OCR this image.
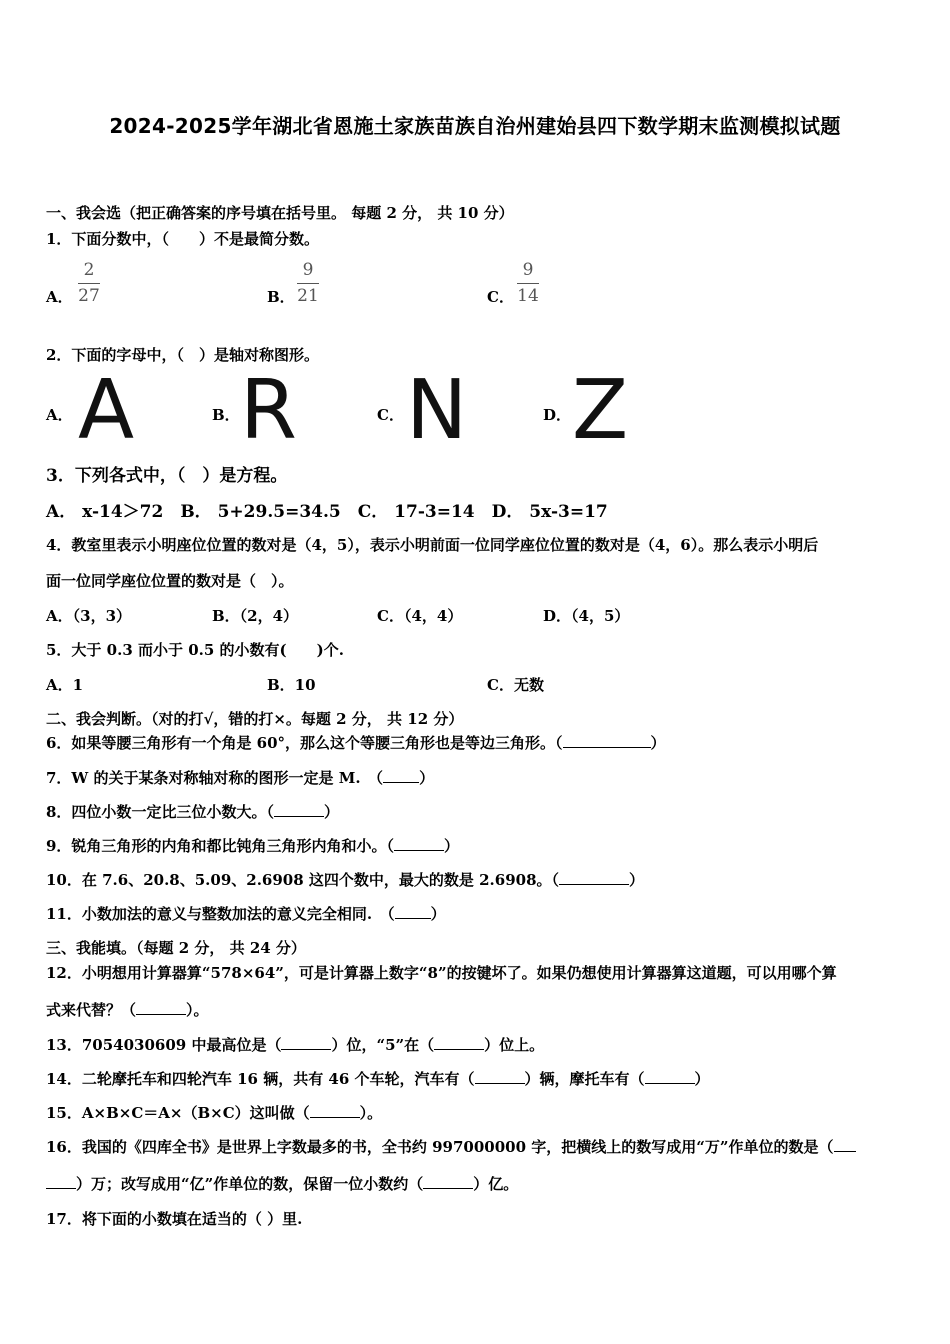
2024-2025学年湖北省恩施土家族苗族自治州建始县四下数学期末监测模拟试题
一、我会选（把正确答案的序号填在括号里。 每题 2 分， 共 10 分）
1．下面分数中，（　　）不是最简分数。
A．
2
27	B．
9
21	C．
9
14
2．下面的字母中，（　）是轴对称图形。
A． A	B． R	C． N	D． Z
3．下列各式中，（　）是方程。
A． x-14＞72　B． 5+29.5=34.5　C． 17-3=14　D． 5x-3=17
4．教室里表示小明座位位置的数对是（4，5），表示小明前面一位同学座位位置的数对是（4，6）。那么表示小明后
面一位同学座位位置的数对是（　）。
A．（3，3）	B．（2，4）	C．（4，4）	D．（4，5）
5．大于 0.3 而小于 0.5 的小数有(　　)个.
A．1	B．10	C．无数
二、我会判断。（对的打√，错的打×。每题 2 分， 共 12 分）
6．如果等腰三角形有一个角是 60°，那么这个等腰三角形也是等边三角形。（	）
7．W 的关于某条对称轴对称的图形一定是 M.　（ ）
8．四位小数一定比三位小数大。（	）
9．锐角三角形的内角和都比钝角三角形内角和小。（	）
10．在 7.6、20.8、5.09、2.6908 这四个数中，最大的数是 2.6908。（	）
11．小数加法的意义与整数加法的意义完全相同.　（ ）
三、我能填。（每题 2 分， 共 24 分）
12．小明想用计算器算“578×64”，可是计算器上数字“8”的按键坏了。如果仍想使用计算器算这道题，可以用哪个算
式来代替？（	）。
13．7054030609 中最高位是（	）位，“5”在（	）位上。
14．二轮摩托车和四轮汽车 16 辆，共有 46 个车轮，汽车有（	）辆，摩托车有（	）
15．A×B×C＝A×（B×C）这叫做（	）。
16．我国的《四库全书》是世界上字数最多的书，全书约 997000000 字，把横线上的数写成用“万”作单位的数是（
）万；改写成用“亿”作单位的数，保留一位小数约（	）亿。
17．将下面的小数填在适当的（ ）里.
